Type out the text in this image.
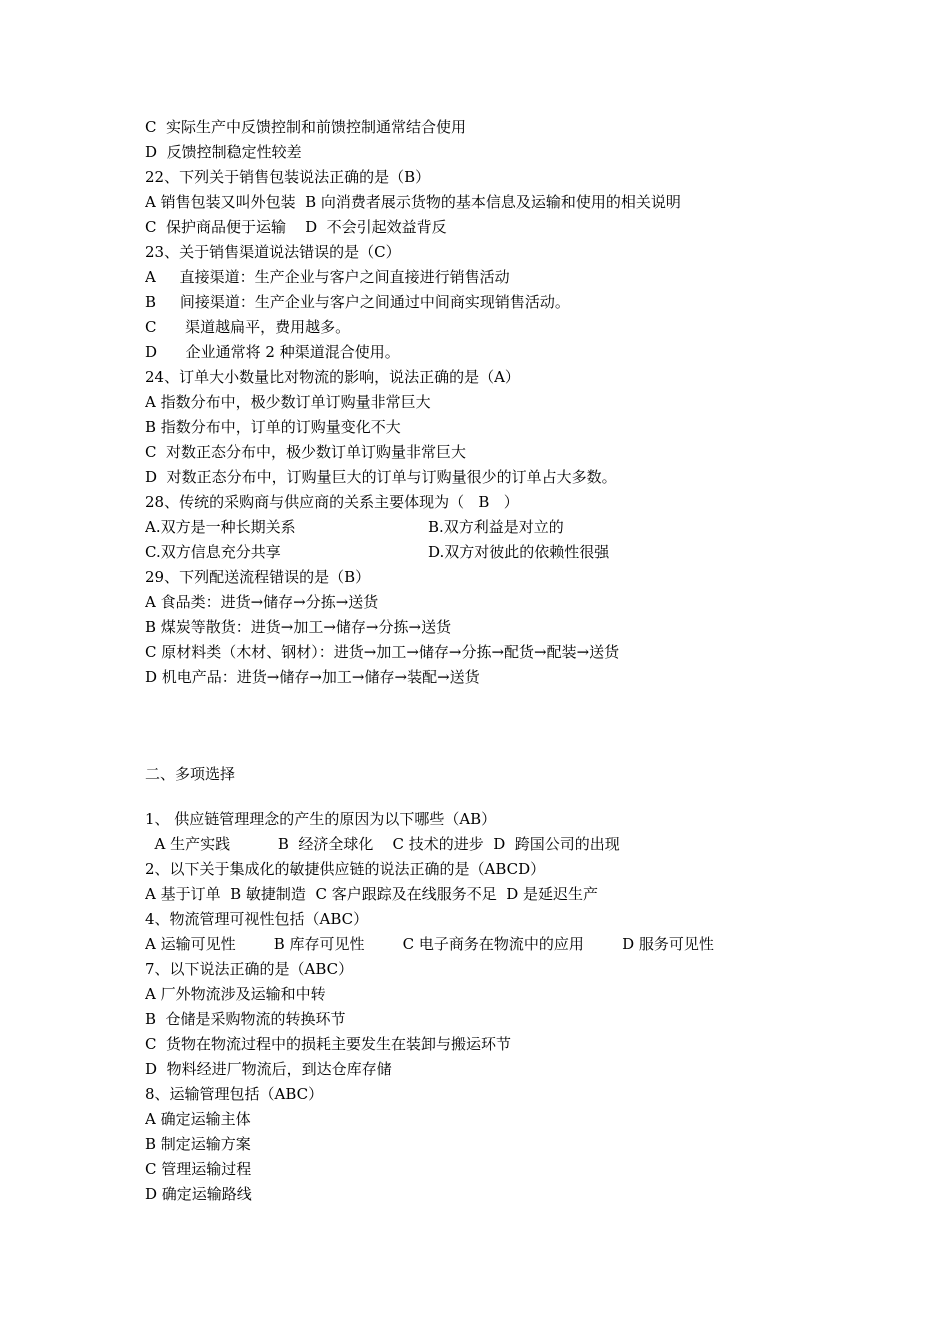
C  实际生产中反馈控制和前馈控制通常结合使用
D  反馈控制稳定性较差
22、下列关于销售包装说法正确的是（B）
A 销售包装又叫外包装  B 向消费者展示货物的基本信息及运输和使用的相关说明
C  保护商品便于运输    D  不会引起效益背反
23、关于销售渠道说法错误的是（C）
A     直接渠道：生产企业与客户之间直接进行销售活动
B     间接渠道：生产企业与客户之间通过中间商实现销售活动。
C      渠道越扁平，费用越多。
D      企业通常将 2 种渠道混合使用。
24、订单大小数量比对物流的影响，说法正确的是（A）
A 指数分布中，极少数订单订购量非常巨大
B 指数分布中，订单的订购量变化不大
C  对数正态分布中，极少数订单订购量非常巨大
D  对数正态分布中，订购量巨大的订单与订购量很少的订单占大多数。
28、传统的采购商与供应商的关系主要体现为（   B   ）
A.双方是一种长期关系	B.双方利益是对立的
C.双方信息充分共享	D.双方对彼此的依赖性很强
29、下列配送流程错误的是（B）
A 食品类：进货→储存→分拣→送货
B 煤炭等散货：进货→加工→储存→分拣→送货
C 原材料类（木材、钢材）：进货→加工→储存→分拣→配货→配装→送货
D 机电产品：进货→储存→加工→储存→装配→送货
二、多项选择
1、 供应链管理理念的产生的原因为以下哪些（AB）
A 生产实践          B  经济全球化    C 技术的进步  D  跨国公司的出现
2、以下关于集成化的敏捷供应链的说法正确的是（ABCD）
A 基于订单  B 敏捷制造  C 客户跟踪及在线服务不足  D 是延迟生产
4、物流管理可视性包括（ABC）
A 运输可见性        B 库存可见性        C 电子商务在物流中的应用        D 服务可见性
7、以下说法正确的是（ABC）
A 厂外物流涉及运输和中转
B  仓储是采购物流的转换环节
C  货物在物流过程中的损耗主要发生在装卸与搬运环节
D  物料经进厂物流后，到达仓库存储
8、运输管理包括（ABC）
A 确定运输主体
B 制定运输方案
C 管理运输过程
D 确定运输路线
